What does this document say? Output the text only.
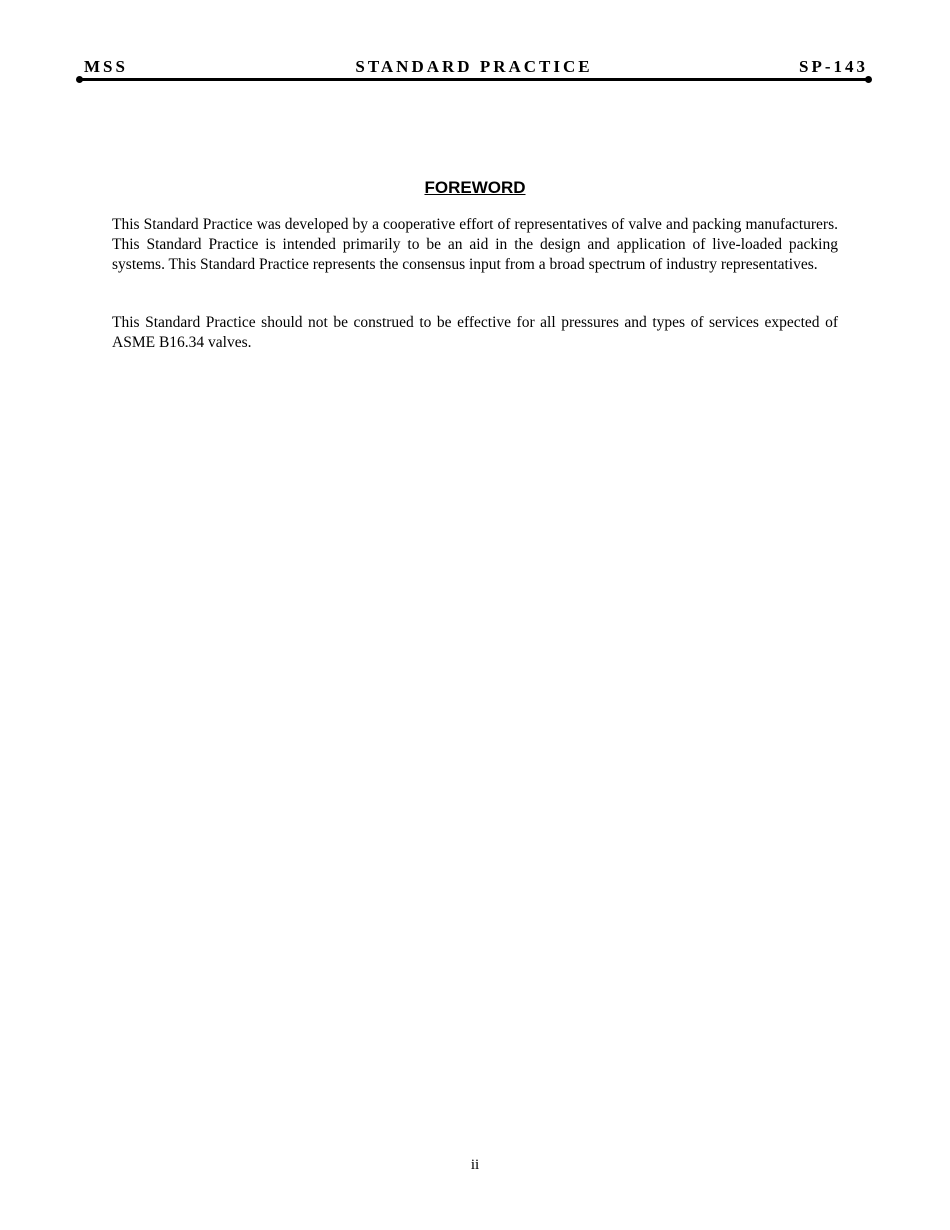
MSS	STANDARD PRACTICE	SP-143
FOREWORD

This Standard Practice was developed by a cooperative effort of representatives of valve and packing manufacturers. This Standard Practice is intended primarily to be an aid in the design and application of live-loaded packing systems. This Standard Practice represents the consensus input from a broad spectrum of industry representatives.

This Standard Practice should not be construed to be effective for all pressures and types of services expected of ASME B16.34 valves.

ii
